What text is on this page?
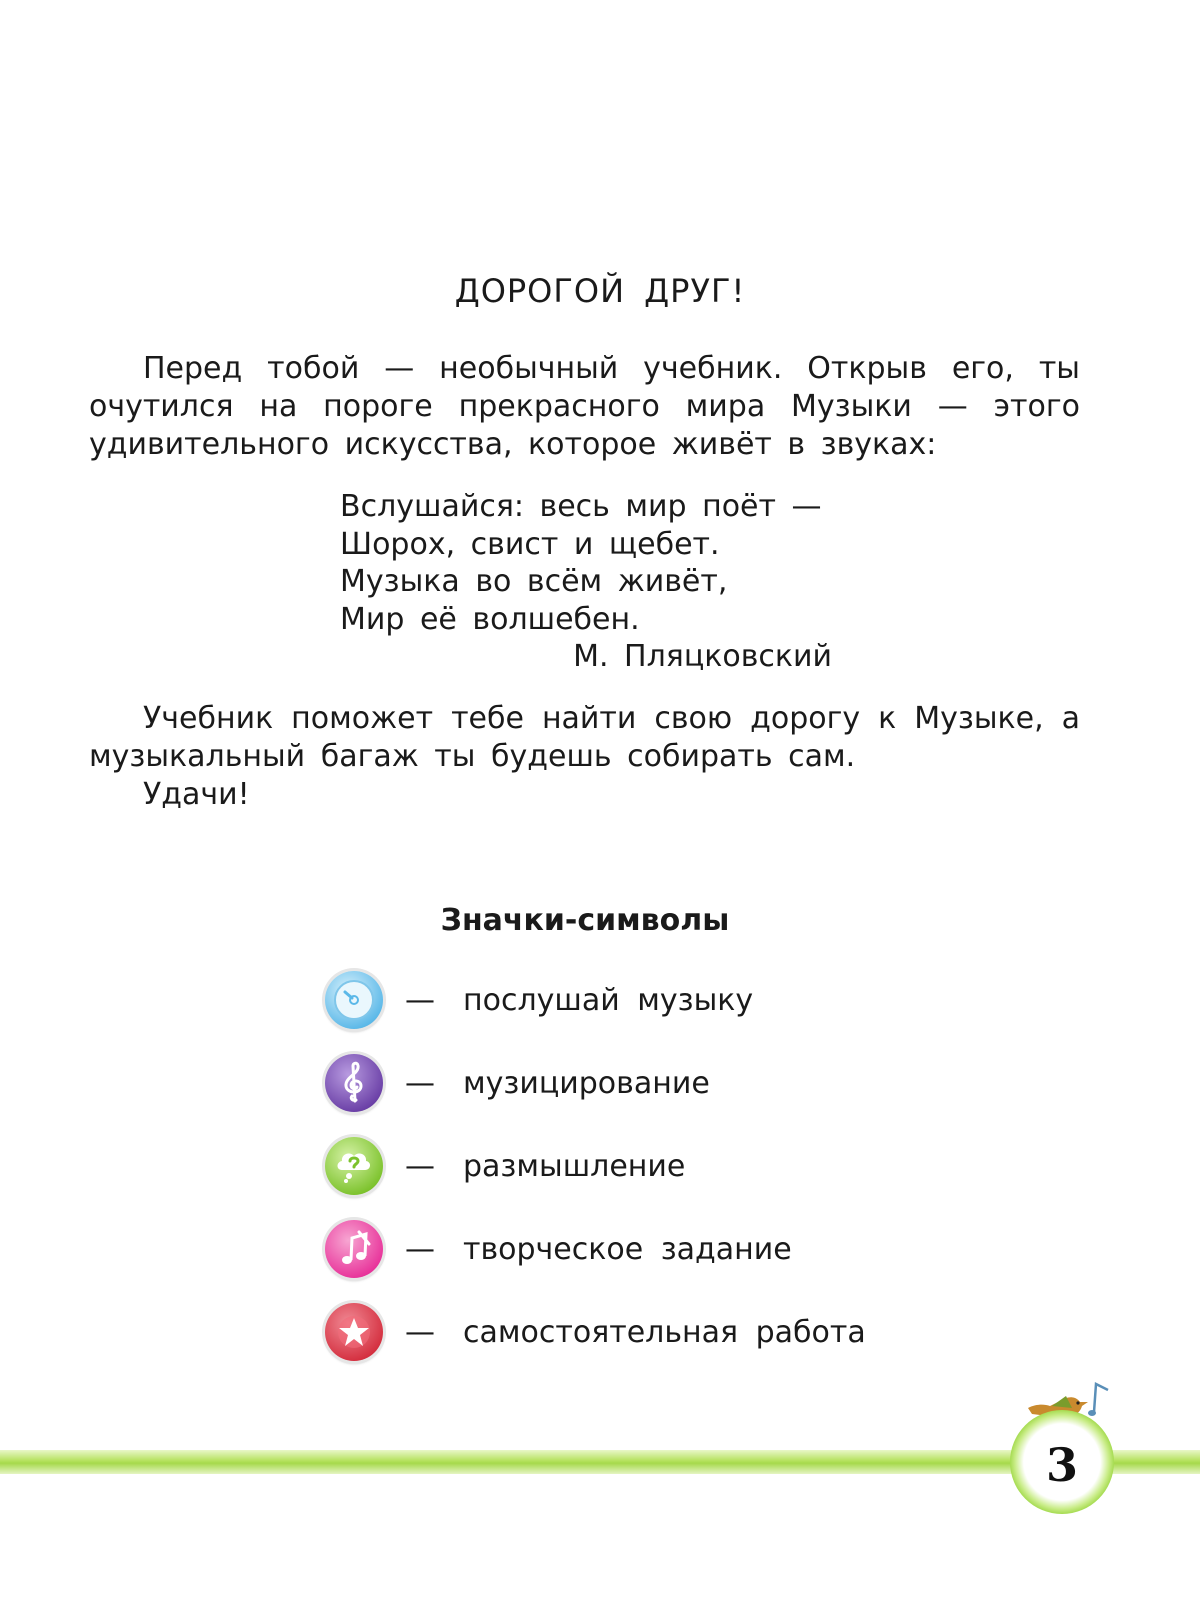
ДОРОГОЙ ДРУГ!

Перед тобой — необычный учебник. Открыв его, ты очутился на пороге прекрасного мира Музыки — этого удивительного искусства, которое живёт в звуках:

Вслушайся: весь мир поёт —
Шорох, свист и щебет.
Музыка во всём живёт,
Мир её волшебен.
М. Пляцковский

Учебник поможет тебе найти свою дорогу к Музыке, а музыкальный багаж ты будешь собирать сам.

Удачи!

Значки-символы
— послушай музыку
— музицирование
— размышление
— творческое задание
— самостоятельная работа
3
